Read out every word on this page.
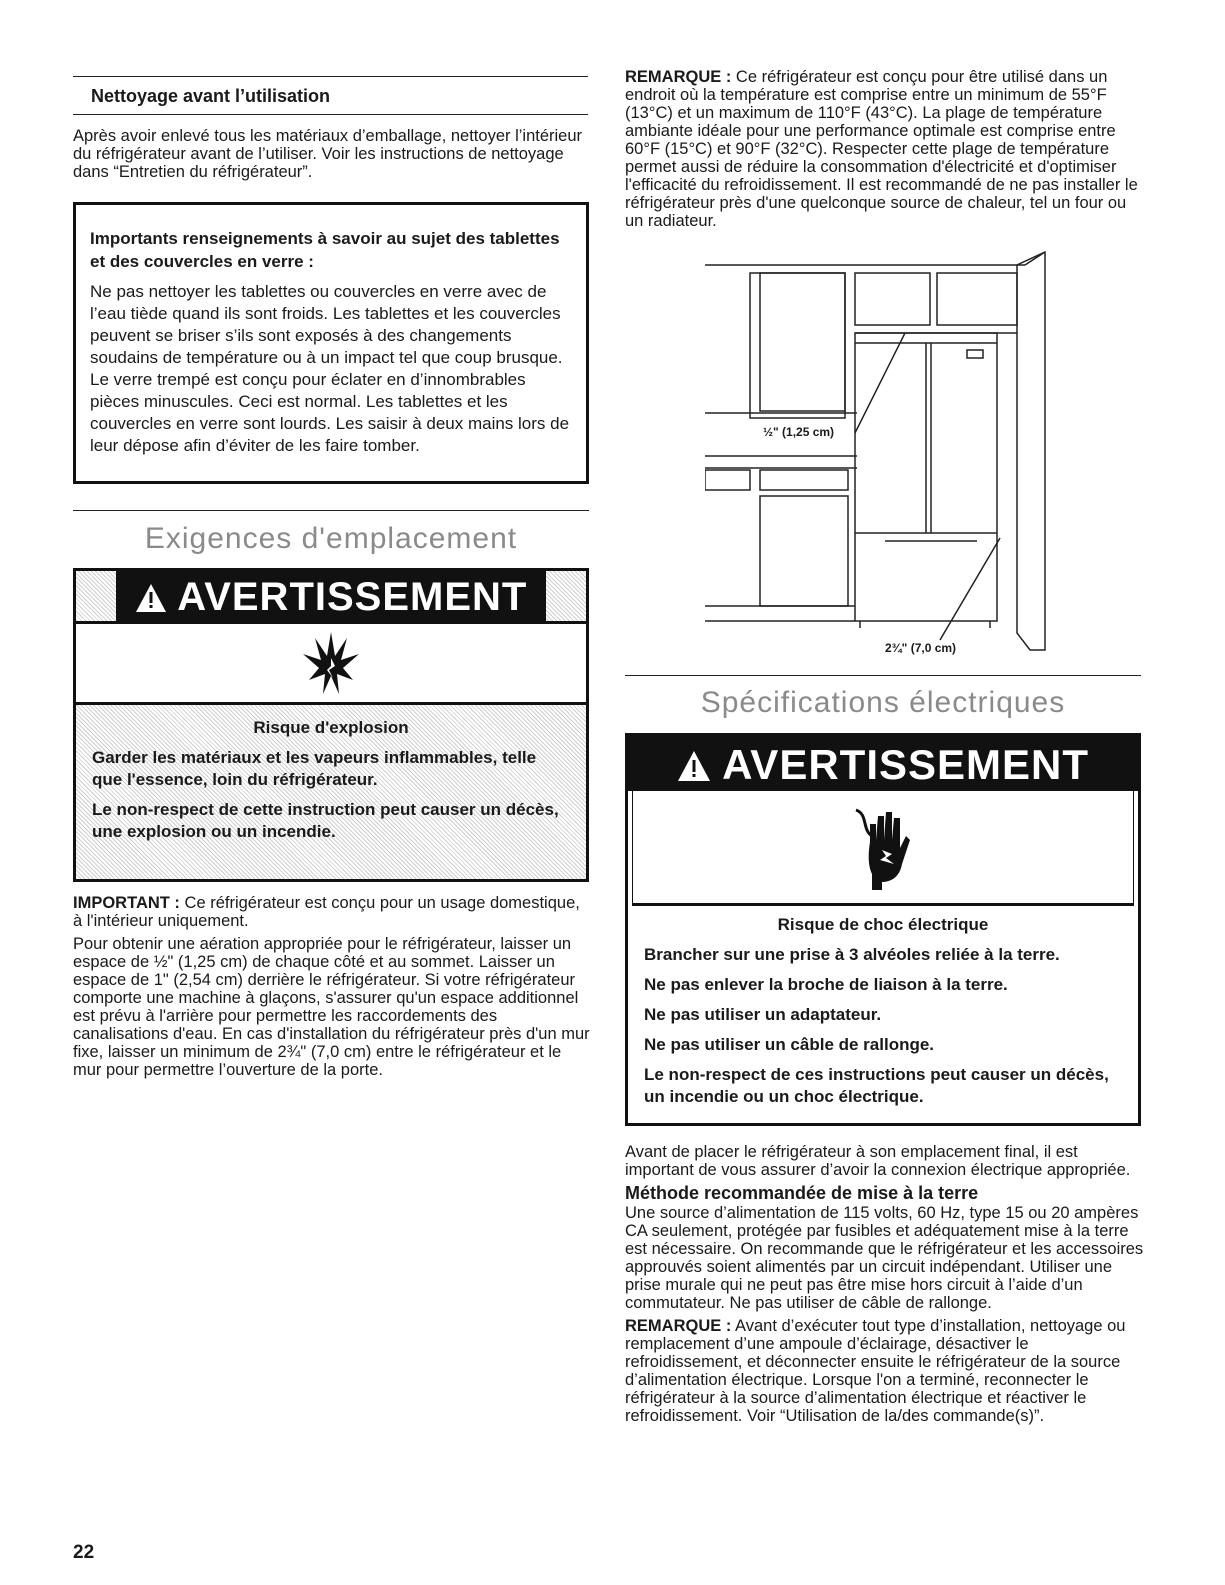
Nettoyage avant l’utilisation
Après avoir enlevé tous les matériaux d’emballage, nettoyer l’intérieur du réfrigérateur avant de l’utiliser. Voir les instructions de nettoyage dans “Entretien du réfrigérateur”.
Importants renseignements à savoir au sujet des tablettes et des couvercles en verre :
Ne pas nettoyer les tablettes ou couvercles en verre avec de l’eau tiède quand ils sont froids. Les tablettes et les couvercles peuvent se briser s’ils sont exposés à des changements soudains de température ou à un impact tel que coup brusque. Le verre trempé est conçu pour éclater en d’innombrables pièces minuscules. Ceci est normal. Les tablettes et les couvercles en verre sont lourds. Les saisir à deux mains lors de leur dépose afin d’éviter de les faire tomber.
Exigences d'emplacement
AVERTISSEMENT
Risque d'explosion

Garder les matériaux et les vapeurs inflammables, telle que l'essence, loin du réfrigérateur.

Le non-respect de cette instruction peut causer un décès, une explosion ou un incendie.

IMPORTANT : Ce réfrigérateur est conçu pour un usage domestique, à l'intérieur uniquement.

Pour obtenir une aération appropriée pour le réfrigérateur, laisser un espace de ½" (1,25 cm) de chaque côté et au sommet. Laisser un espace de 1" (2,54 cm) derrière le réfrigérateur. Si votre réfrigérateur comporte une machine à glaçons, s'assurer qu'un espace additionnel est prévu à l'arrière pour permettre les raccordements des canalisations d'eau. En cas d'installation du réfrigérateur près d'un mur fixe, laisser un minimum de 2¾" (7,0 cm) entre le réfrigérateur et le mur pour permettre l’ouverture de la porte.

22
REMARQUE : Ce réfrigérateur est conçu pour être utilisé dans un endroit où la température est comprise entre un minimum de 55°F (13°C) et un maximum de 110°F (43°C). La plage de température ambiante idéale pour une performance optimale est comprise entre 60°F (15°C) et 90°F (32°C). Respecter cette plage de température permet aussi de réduire la consommation d'électricité et d'optimiser l'efficacité du refroidissement. Il est recommandé de ne pas installer le réfrigérateur près d'une quelconque source de chaleur, tel un four ou un radiateur.
½" (1,25 cm)
2¾" (7,0 cm)
Spécifications électriques
AVERTISSEMENT
Risque de choc électrique

Brancher sur une prise à 3 alvéoles reliée à la terre.

Ne pas enlever la broche de liaison à la terre.

Ne pas utiliser un adaptateur.

Ne pas utiliser un câble de rallonge.

Le non-respect de ces instructions peut causer un décès, un incendie ou un choc électrique.

Avant de placer le réfrigérateur à son emplacement final, il est important de vous assurer d’avoir la connexion électrique appropriée.

Méthode recommandée de mise à la terre

Une source d’alimentation de 115 volts, 60 Hz, type 15 ou 20 ampères CA seulement, protégée par fusibles et adéquatement mise à la terre est nécessaire. On recommande que le réfrigérateur et les accessoires approuvés soient alimentés par un circuit indépendant. Utiliser une prise murale qui ne peut pas être mise hors circuit à l’aide d’un commutateur. Ne pas utiliser de câble de rallonge.

REMARQUE : Avant d’exécuter tout type d’installation, nettoyage ou remplacement d’une ampoule d’éclairage, désactiver le refroidissement, et déconnecter ensuite le réfrigérateur de la source d’alimentation électrique. Lorsque l'on a terminé, reconnecter le réfrigérateur à la source d’alimentation électrique et réactiver le refroidissement. Voir “Utilisation de la/des commande(s)”.
